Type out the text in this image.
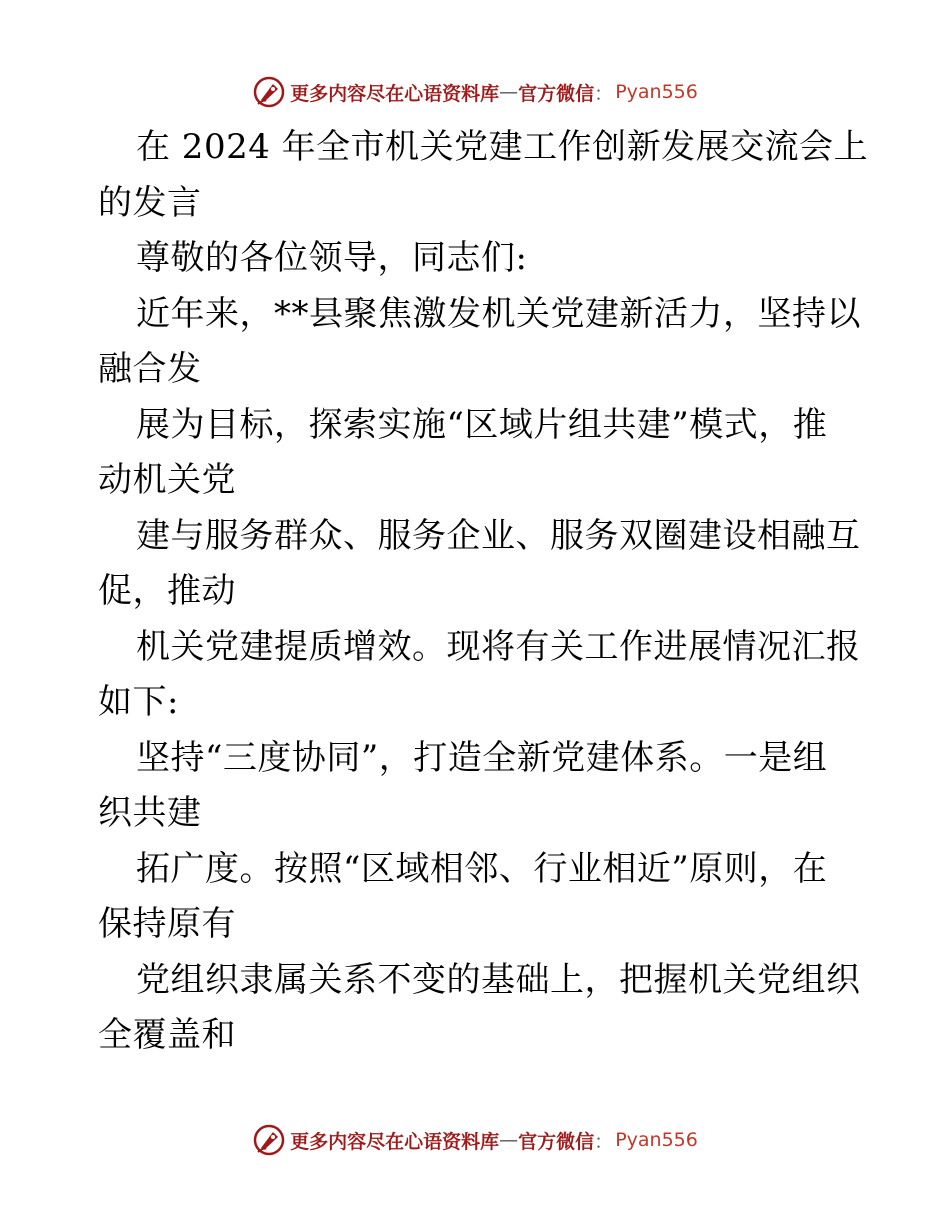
更多内容尽在心语资料库 — 官方微信 ： Pyan556
在 2024 年全市机关党建工作创新发展交流会上
的发言
尊敬的各位领导，同志们:
近年来，**县聚焦激发机关党建新活力，坚持以
融合发
展为目标，探索实施“区域片组共建”模式，推
动机关党
建与服务群众、服务企业、服务双圈建设相融互
促，推动
机关党建提质增效。现将有关工作进展情况汇报
如下:
坚持“三度协同”，打造全新党建体系。一是组
织共建
拓广度。按照“区域相邻、行业相近”原则，在
保持原有
党组织隶属关系不变的基础上，把握机关党组织
全覆盖和
更多内容尽在心语资料库 — 官方微信 ： Pyan556
